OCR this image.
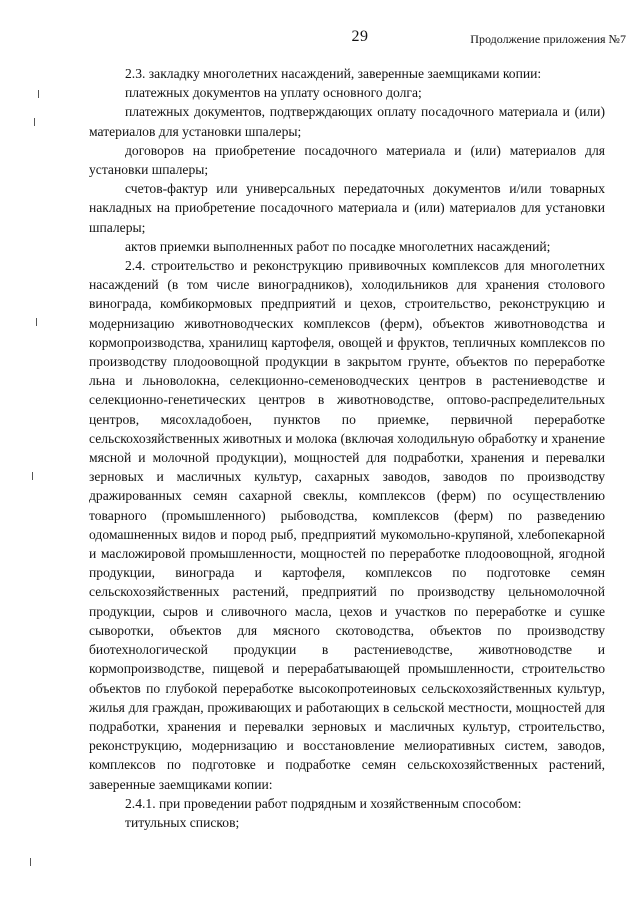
29	Продолжение приложения №7

2.3. закладку многолетних насаждений, заверенные заемщиками копии:

платежных документов на уплату основного долга;

платежных документов, подтверждающих оплату посадочного материала и (или) материалов для установки шпалеры;

договоров на приобретение посадочного материала и (или) материалов для установки шпалеры;

счетов-фактур или универсальных передаточных документов и/или товарных накладных на приобретение посадочного материала и (или) материалов для установки шпалеры;

актов приемки выполненных работ по посадке многолетних насаждений;

2.4. строительство и реконструкцию прививочных комплексов для многолетних насаждений (в том числе виноградников), холодильников для хранения столового винограда, комбикормовых предприятий и цехов, строительство, реконструкцию и модернизацию животноводческих комплексов (ферм), объектов животноводства и кормопроизводства, хранилищ картофеля, овощей и фруктов, тепличных комплексов по производству плодоовощной продукции в закрытом грунте, объектов по переработке льна и льноволокна, селекционно-семеноводческих центров в растениеводстве и селекционно-генетических центров в животноводстве, оптово-распределительных центров, мясохладобоен, пунктов по приемке, первичной переработке сельскохозяйственных животных и молока (включая холодильную обработку и хранение мясной и молочной продукции), мощностей для подработки, хранения и перевалки зерновых и масличных культур, сахарных заводов, заводов по производству дражированных семян сахарной свеклы, комплексов (ферм) по осуществлению товарного (промышленного) рыбоводства, комплексов (ферм) по разведению одомашненных видов и пород рыб, предприятий мукомольно-крупяной, хлебопекарной и масложировой промышленности, мощностей по переработке плодоовощной, ягодной продукции, винограда и картофеля, комплексов по подготовке семян сельскохозяйственных растений, предприятий по производству цельномолочной продукции, сыров и сливочного масла, цехов и участков по переработке и сушке сыворотки, объектов для мясного скотоводства, объектов по производству биотехнологической продукции в растениеводстве, животноводстве и кормопроизводстве, пищевой и перерабатывающей промышленности, строительство объектов по глубокой переработке высокопротеиновых сельскохозяйственных культур, жилья для граждан, проживающих и работающих в сельской местности, мощностей для подработки, хранения и перевалки зерновых и масличных культур, строительство, реконструкцию, модернизацию и восстановление мелиоративных систем, заводов, комплексов по подготовке и подработке семян сельскохозяйственных растений, заверенные заемщиками копии:

2.4.1. при проведении работ подрядным и хозяйственным способом:

титульных списков;
